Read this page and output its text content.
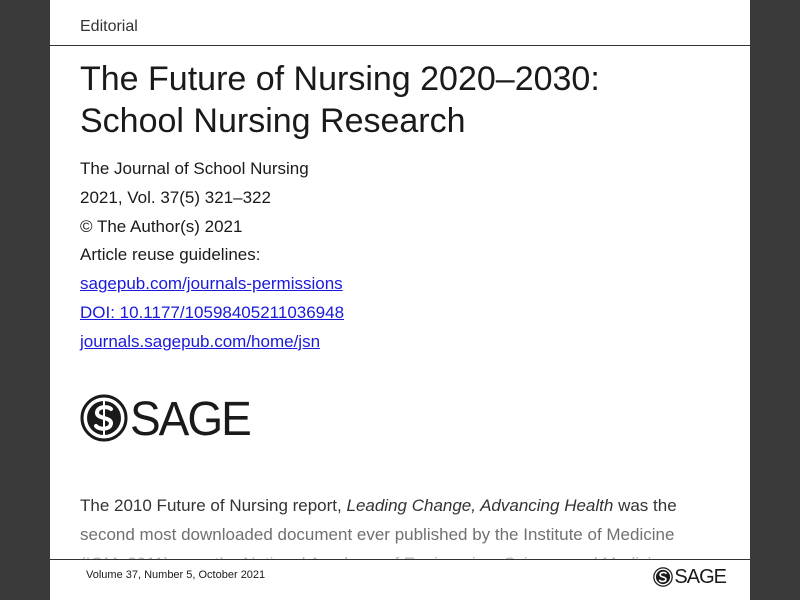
Editorial
The Future of Nursing 2020–2030:
School Nursing Research
The Journal of School Nursing
2021, Vol. 37(5) 321–322
© The Author(s) 2021
Article reuse guidelines:
sagepub.com/journals-permissions
DOI: 10.1177/10598405211036948
journals.sagepub.com/home/jsn
SAGE
The 2010 Future of Nursing report, Leading Change, Advancing Health was the
second most downloaded document ever published by the Institute of Medicine
Volume 37, Number 5, October 2021	SAGE
